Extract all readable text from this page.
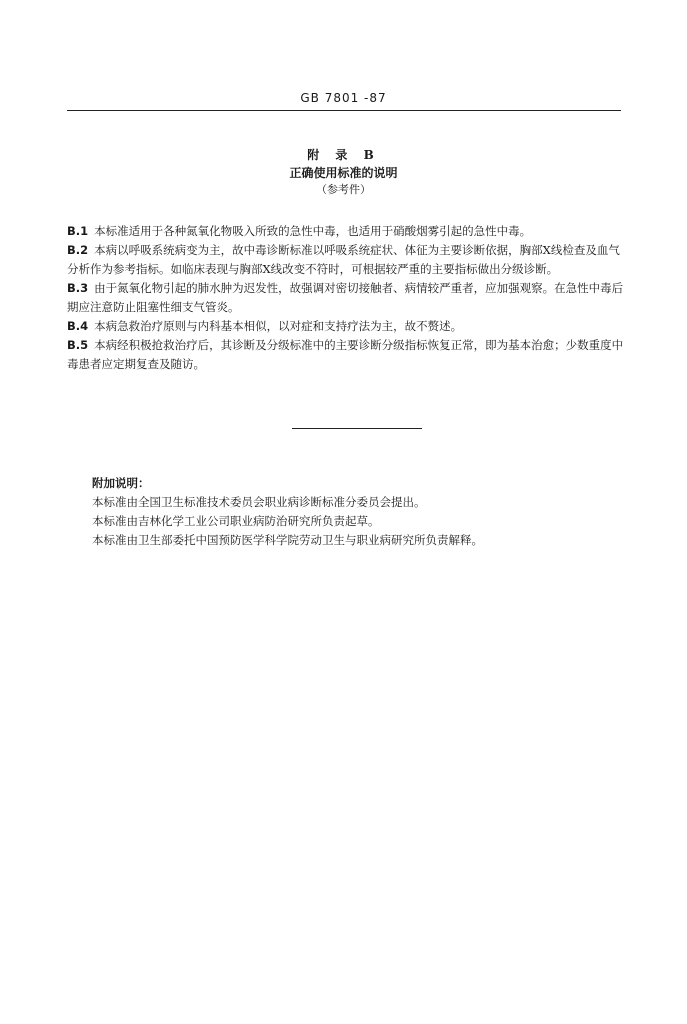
GB 7801 -87
附 录 B
正确使用标准的说明
（参考件）

B.1 本标准适用于各种氮氧化物吸入所致的急性中毒，也适用于硝酸烟雾引起的急性中毒。

B.2 本病以呼吸系统病变为主，故中毒诊断标准以呼吸系统症状、体征为主要诊断依据，胸部X线检查及血气分析作为参考指标。如临床表现与胸部X线改变不符时，可根据较严重的主要指标做出分级诊断。

B.3 由于氮氧化物引起的肺水肿为迟发性，故强调对密切接触者、病情较严重者，应加强观察。在急性中毒后期应注意防止阻塞性细支气管炎。

B.4 本病急救治疗原则与内科基本相似，以对症和支持疗法为主，故不赘述。

B.5 本病经积极抢救治疗后，其诊断及分级标准中的主要诊断分级指标恢复正常，即为基本治愈；少数重度中毒患者应定期复查及随访。

附加说明：

本标准由全国卫生标准技术委员会职业病诊断标准分委员会提出。

本标准由吉林化学工业公司职业病防治研究所负责起草。

本标准由卫生部委托中国预防医学科学院劳动卫生与职业病研究所负责解释。
